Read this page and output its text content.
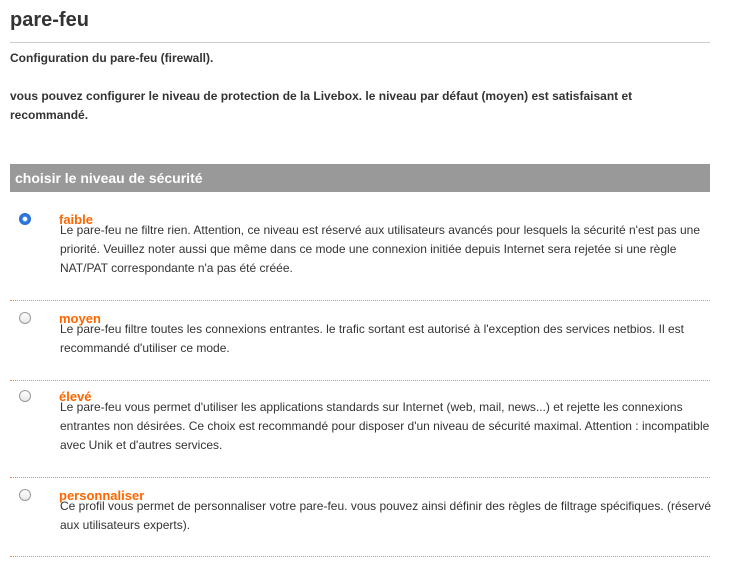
pare-feu

Configuration du pare-feu (firewall).

vous pouvez configurer le niveau de protection de la Livebox. le niveau par défaut (moyen) est satisfaisant et recommandé.

choisir le niveau de sécurité
faible

Le pare-feu ne filtre rien. Attention, ce niveau est réservé aux utilisateurs avancés pour lesquels la sécurité n'est pas une priorité. Veuillez noter aussi que même dans ce mode une connexion initiée depuis Internet sera rejetée si une règle NAT/PAT correspondante n'a pas été créée.

moyen

Le pare-feu filtre toutes les connexions entrantes. le trafic sortant est autorisé à l'exception des services netbios. Il est recommandé d'utiliser ce mode.

élevé

Le pare-feu vous permet d'utiliser les applications standards sur Internet (web, mail, news...) et rejette les connexions entrantes non désirées. Ce choix est recommandé pour disposer d'un niveau de sécurité maximal. Attention : incompatible avec Unik et d'autres services.

personnaliser

Ce profil vous permet de personnaliser votre pare-feu. vous pouvez ainsi définir des règles de filtrage spécifiques. (réservé aux utilisateurs experts).
